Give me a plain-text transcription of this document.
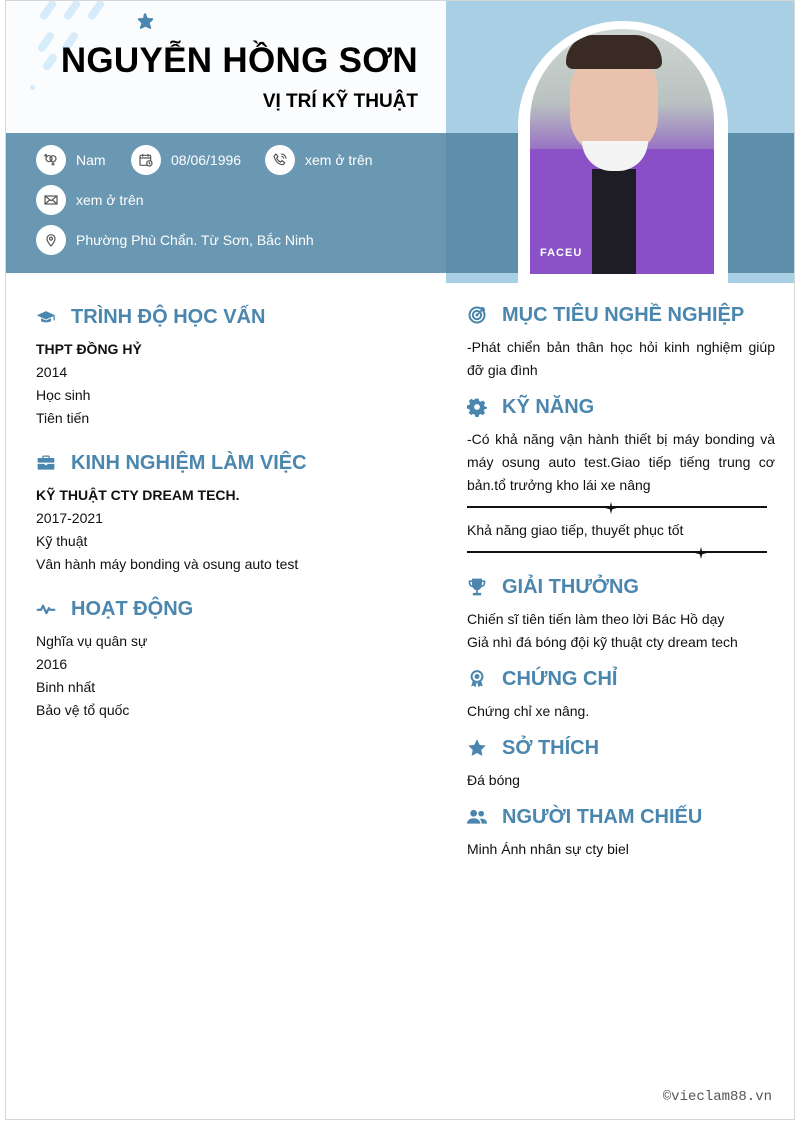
NGUYỄN HỒNG SƠN
VỊ TRÍ KỸ THUẬT
FACEU
Nam	08/06/1996	xem ở trên
xem ở trên
Phường Phù Chẩn. Từ Sơn, Bắc Ninh
TRÌNH ĐỘ HỌC VẤN
THPT ĐỒNG HỶ
2014
Học sinh
Tiên tiến
KINH NGHIỆM LÀM VIỆC
KỸ THUẬT CTY DREAM TECH.
2017-2021
Kỹ thuật
Vân hành máy bonding và osung auto test
HOẠT ĐỘNG
Nghĩa vụ quân sự
2016
Binh nhất
Bảo vệ tổ quốc
MỤC TIÊU NGHỀ NGHIỆP
-Phát chiển bản thân học hỏi kinh nghiệm giúp đỡ gia đình
KỸ NĂNG
-Có khả năng vận hành thiết bị máy bonding và máy osung auto test.Giao tiếp tiếng trung cơ bản.tổ trưởng kho lái xe nâng
Khả năng giao tiếp, thuyết phục tốt
GIẢI THƯỞNG
Chiến sĩ tiên tiến làm theo lời Bác Hồ dạy
Giả nhì đá bóng đội kỹ thuật cty dream tech
CHỨNG CHỈ
Chứng chỉ xe nâng.
SỞ THÍCH
Đá bóng
NGƯỜI THAM CHIẾU
Minh Ánh nhân sự cty biel
©vieclam88.vn
